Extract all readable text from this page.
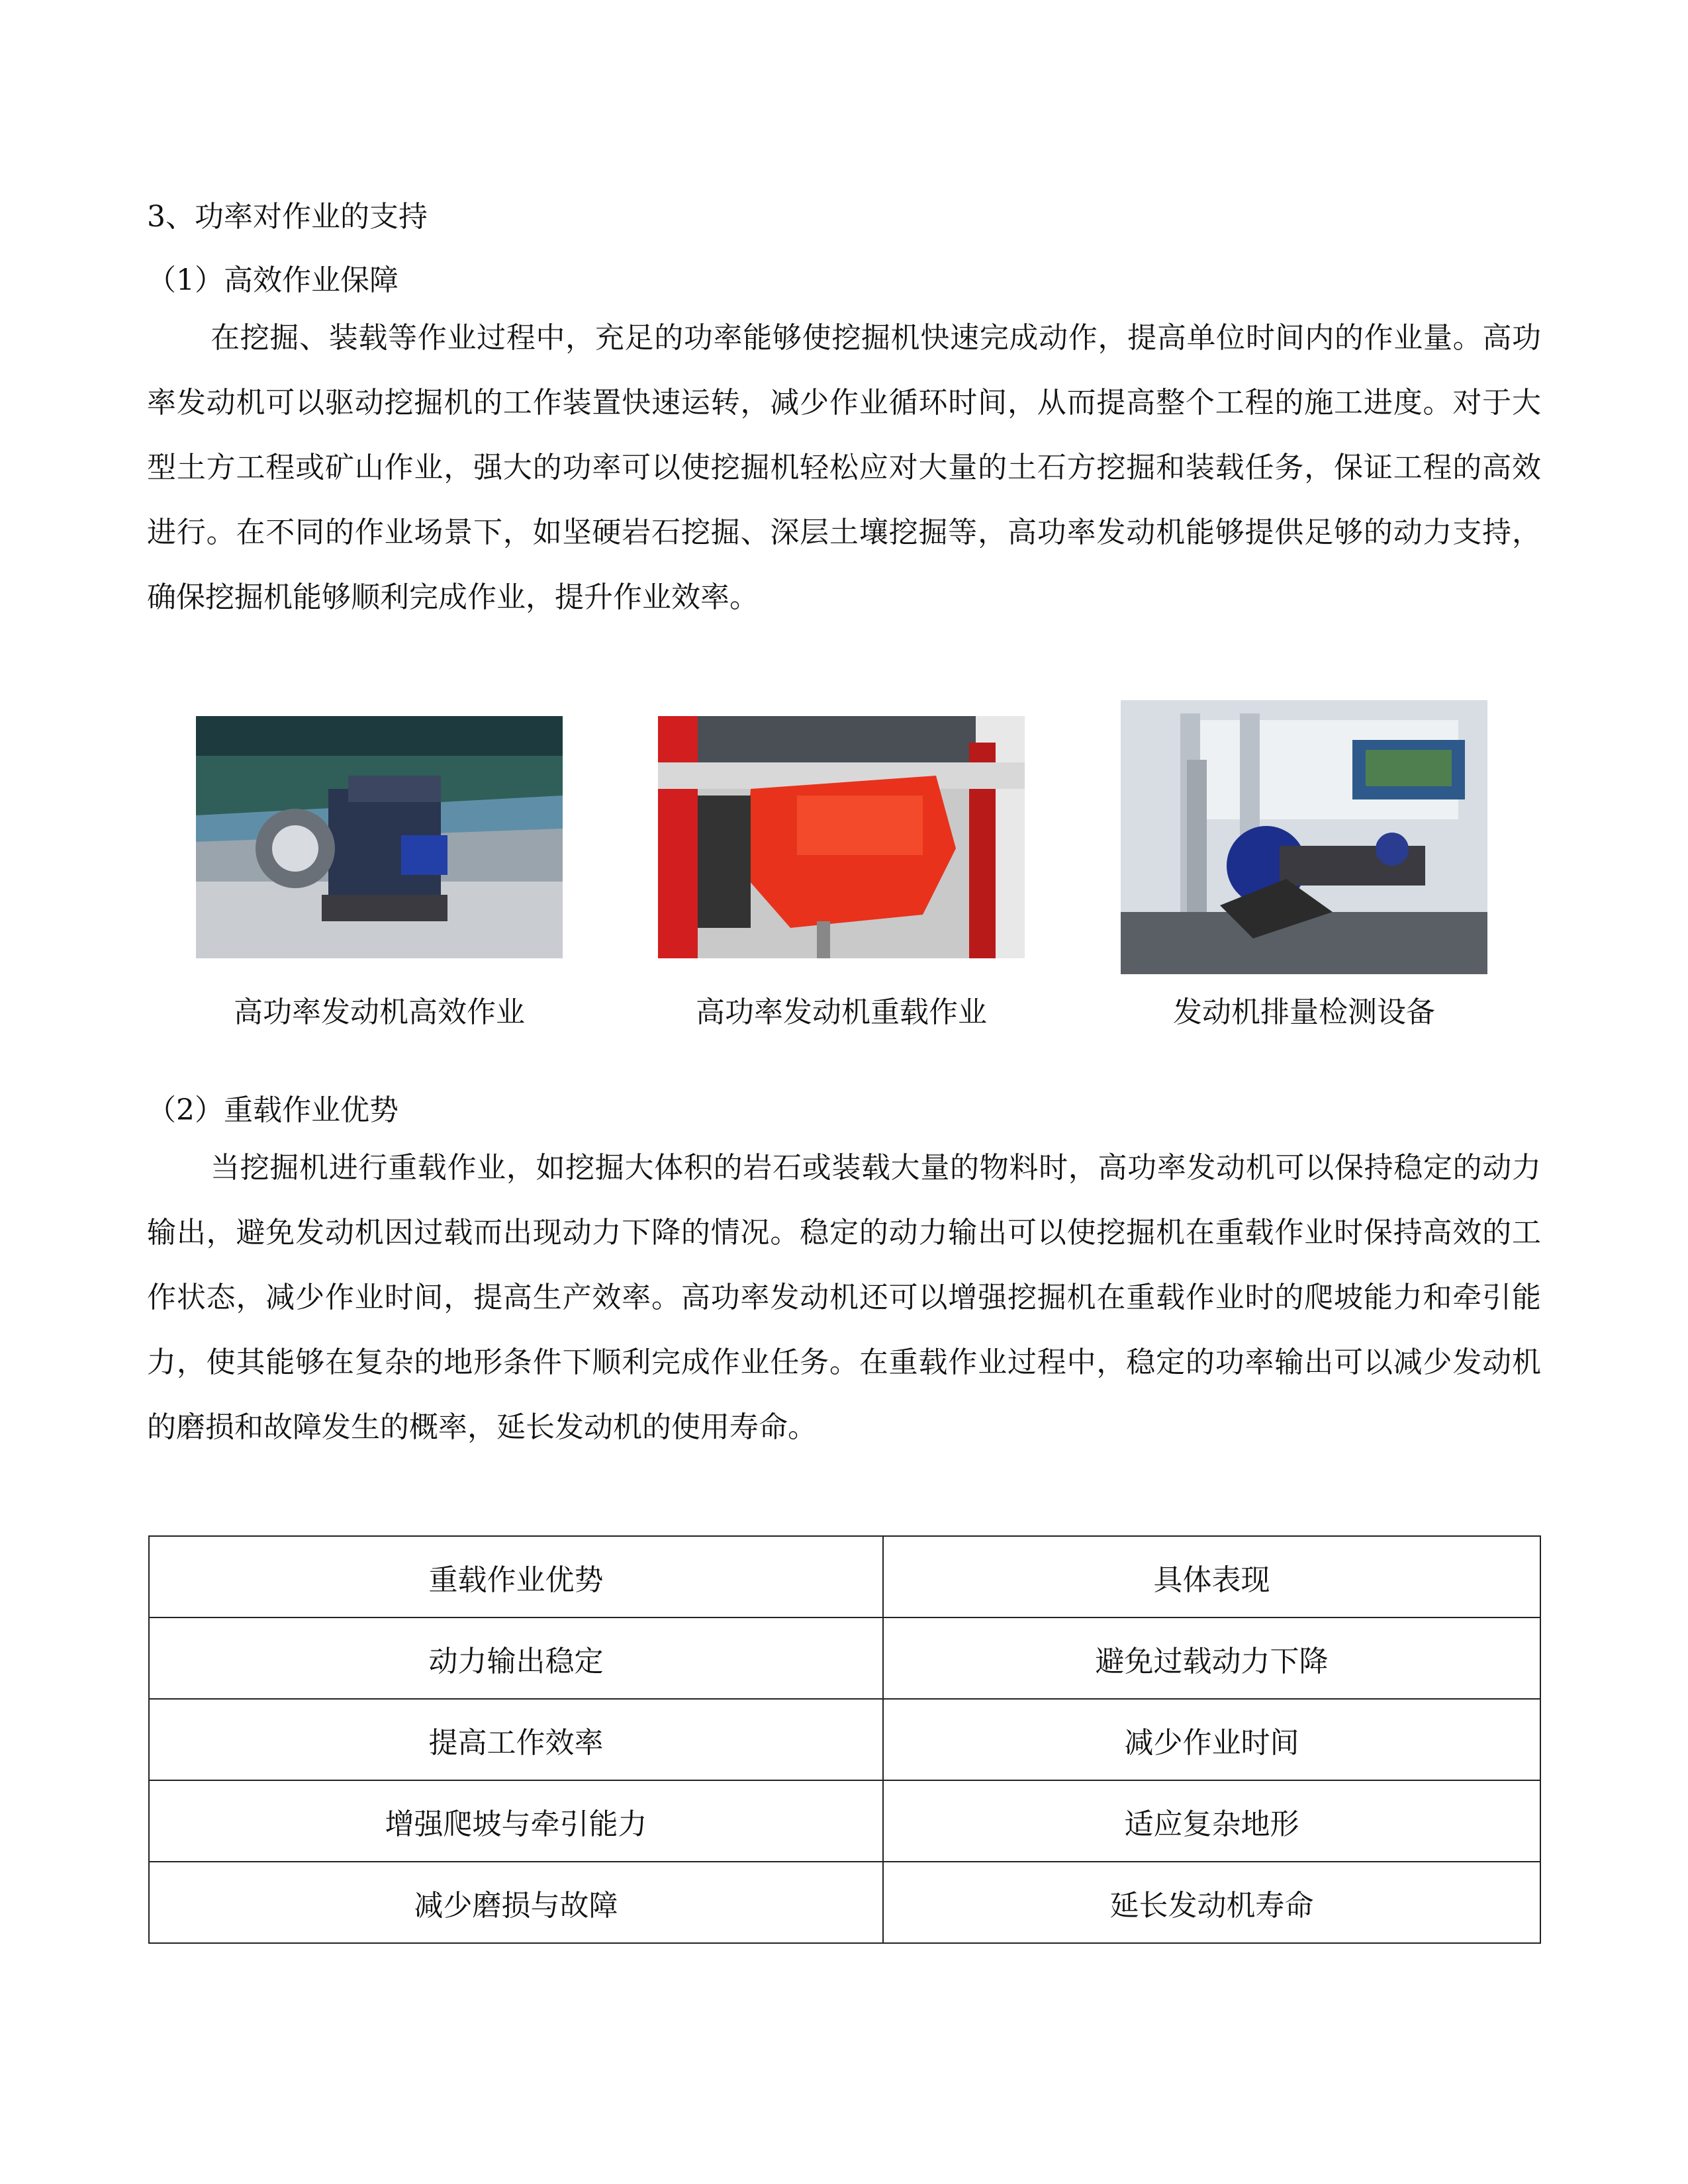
3、功率对作业的支持
（1）高效作业保障
在挖掘、装载等作业过程中，充足的功率能够使挖掘机快速完成动作，提高单位时间内的作业量。高功率发动机可以驱动挖掘机的工作装置快速运转，减少作业循环时间，从而提高整个工程的施工进度。对于大型土方工程或矿山作业，强大的功率可以使挖掘机轻松应对大量的土石方挖掘和装载任务，保证工程的高效进行。在不同的作业场景下，如坚硬岩石挖掘、深层土壤挖掘等，高功率发动机能够提供足够的动力支持，确保挖掘机能够顺利完成作业，提升作业效率。
高功率发动机高效作业	高功率发动机重载作业	发动机排量检测设备
（2）重载作业优势
当挖掘机进行重载作业，如挖掘大体积的岩石或装载大量的物料时，高功率发动机可以保持稳定的动力输出，避免发动机因过载而出现动力下降的情况。稳定的动力输出可以使挖掘机在重载作业时保持高效的工作状态，减少作业时间，提高生产效率。高功率发动机还可以增强挖掘机在重载作业时的爬坡能力和牵引能力，使其能够在复杂的地形条件下顺利完成作业任务。在重载作业过程中，稳定的功率输出可以减少发动机的磨损和故障发生的概率，延长发动机的使用寿命。
重载作业优势	具体表现
动力输出稳定	避免过载动力下降
提高工作效率	减少作业时间
增强爬坡与牵引能力	适应复杂地形
减少磨损与故障	延长发动机寿命
